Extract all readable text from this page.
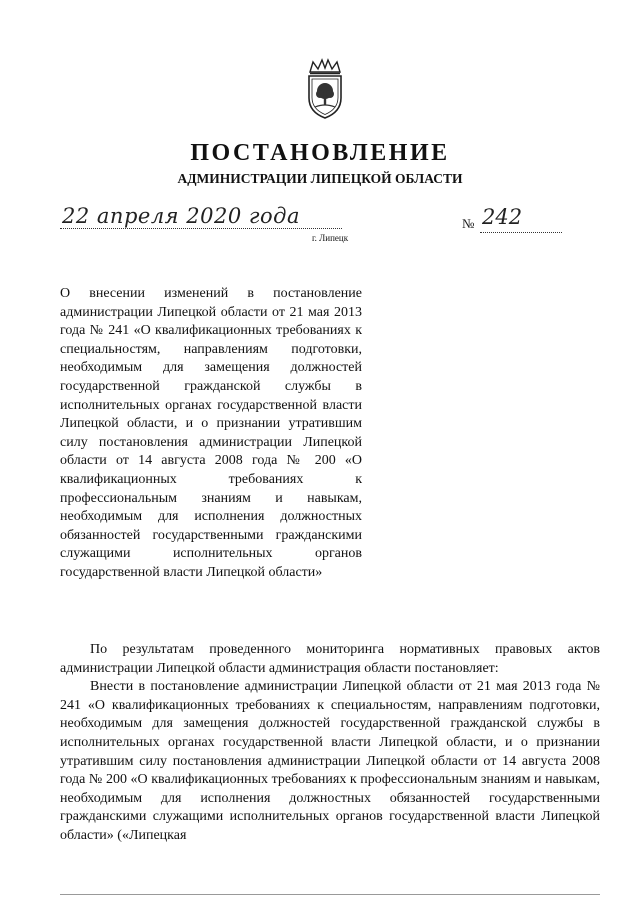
ПОСТАНОВЛЕНИЕ
АДМИНИСТРАЦИИ ЛИПЕЦКОЙ ОБЛАСТИ
22 апреля 2020 года
г. Липецк
№ 242

О внесении изменений в постановление администрации Липецкой области от 21 мая 2013 года № 241 «О квалификационных требованиях к специальностям, направлениям подготовки, необходимым для замещения должностей государственной гражданской службы в исполнительных органах государственной власти Липецкой области, и о признании утратившим силу постановления администрации Липецкой области от 14 августа 2008 года № 200 «О квалификационных требованиях к профессиональным знаниям и навыкам, необходимым для исполнения должностных обязанностей государственными гражданскими служащими исполнительных органов государственной власти Липецкой области»

По результатам проведенного мониторинга нормативных правовых актов администрации Липецкой области администрация области постановляет:

Внести в постановление администрации Липецкой области от 21 мая 2013 года № 241 «О квалификационных требованиях к специальностям, направлениям подготовки, необходимым для замещения должностей государственной гражданской службы в исполнительных органах государственной власти Липецкой области, и о признании утратившим силу постановления администрации Липецкой области от 14 августа 2008 года № 200 «О квалификационных требованиях к профессиональным знаниям и навыкам, необходимым для исполнения должностных обязанностей государственными гражданскими служащими исполнительных органов государственной власти Липецкой области» («Липецкая
